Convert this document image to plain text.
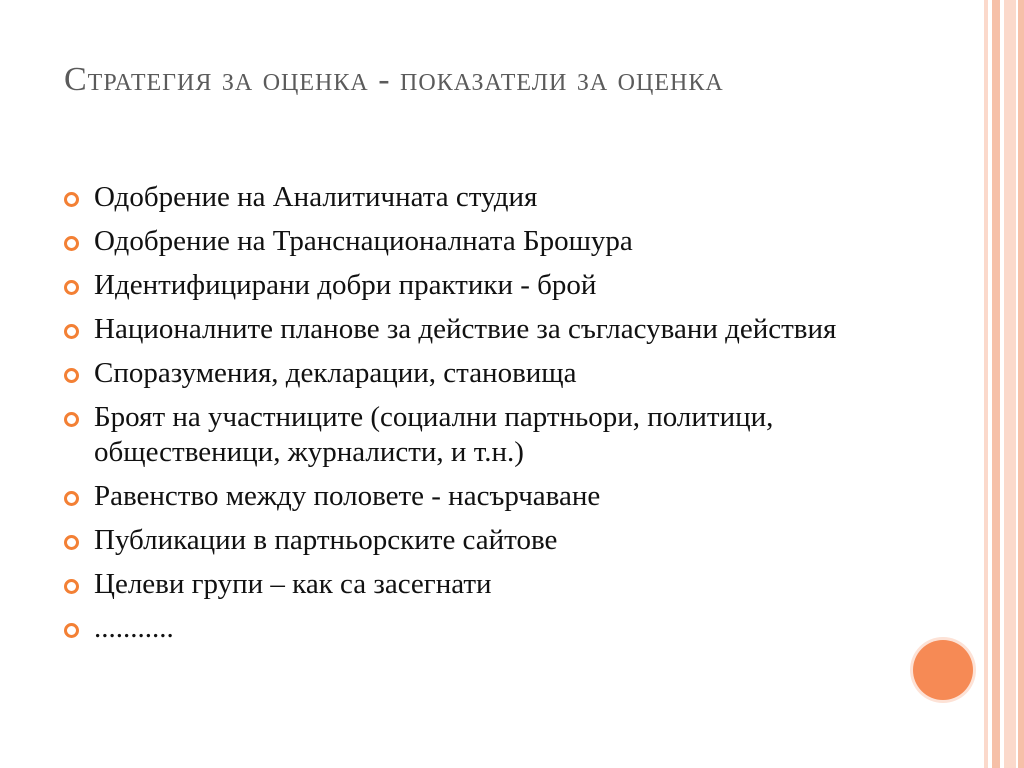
Стратегия за оценка - показатели за оценка
Одобрение на Аналитичната студия
Одобрение на Транснационалната Брошура
Идентифицирани добри практики - брой
Националните планове за действие за съгласувани действия
Споразумения, декларации, становища
Броят на участниците (социални партньори, политици, общественици, журналисти, и т.н.)
Равенство между половете - насърчаване
Публикации в партньорските сайтове
Целеви групи – как са засегнати
...........
